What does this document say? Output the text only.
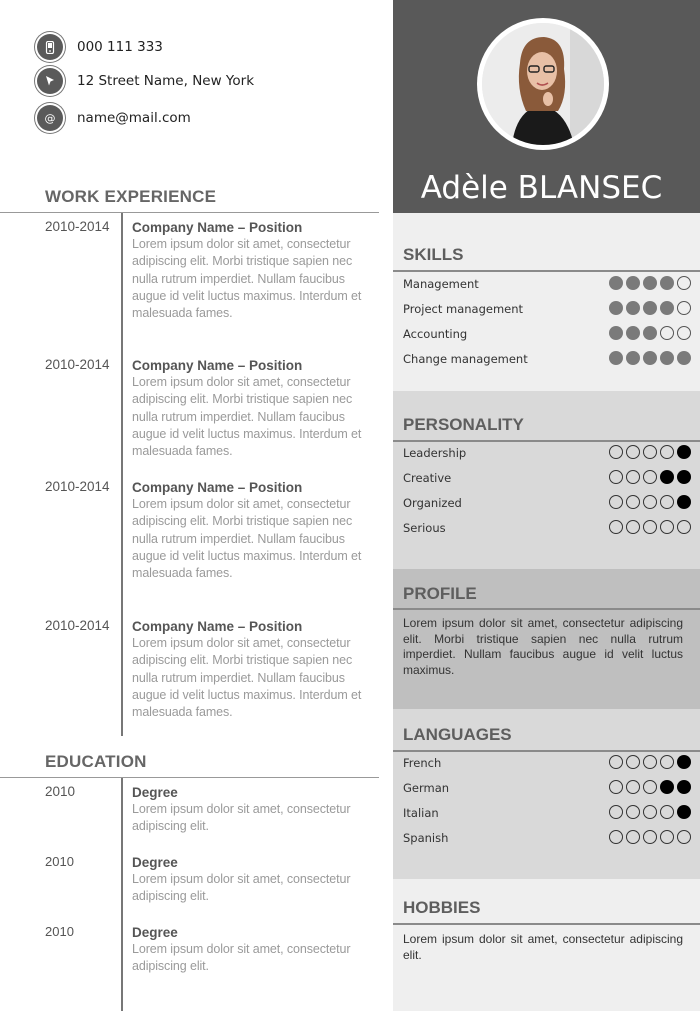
000 111 333
12 Street Name, New York
@	name@mail.com
WORK EXPERIENCE
2010-2014 Company Name – Position
Lorem ipsum dolor sit amet, consectetur adipiscing elit. Morbi tristique sapien nec nulla rutrum imperdiet. Nullam faucibus augue id velit luctus maximus. Interdum et malesuada fames.
2010-2014 Company Name – Position
Lorem ipsum dolor sit amet, consectetur adipiscing elit. Morbi tristique sapien nec nulla rutrum imperdiet. Nullam faucibus augue id velit luctus maximus. Interdum et malesuada fames.
2010-2014 Company Name – Position
Lorem ipsum dolor sit amet, consectetur adipiscing elit. Morbi tristique sapien nec nulla rutrum imperdiet. Nullam faucibus augue id velit luctus maximus. Interdum et malesuada fames.
2010-2014 Company Name – Position
Lorem ipsum dolor sit amet, consectetur adipiscing elit. Morbi tristique sapien nec nulla rutrum imperdiet. Nullam faucibus augue id velit luctus maximus. Interdum et malesuada fames.
EDUCATION
2010	Degree
Lorem ipsum dolor sit amet, consectetur adipiscing elit.
2010	Degree
Lorem ipsum dolor sit amet, consectetur adipiscing elit.
2010	Degree
Lorem ipsum dolor sit amet, consectetur adipiscing elit.
Adèle BLANSEC
SKILLS
Management
Project management
Accounting
Change management
PERSONALITY
Leadership
Creative
Organized
Serious
PROFILE
Lorem ipsum dolor sit amet, consectetur adipiscing elit. Morbi tristique sapien nec nulla rutrum imperdiet. Nullam faucibus augue id velit luctus maximus.
LANGUAGES
French
German
Italian
Spanish
HOBBIES
Lorem ipsum dolor sit amet, consectetur adipiscing elit.
